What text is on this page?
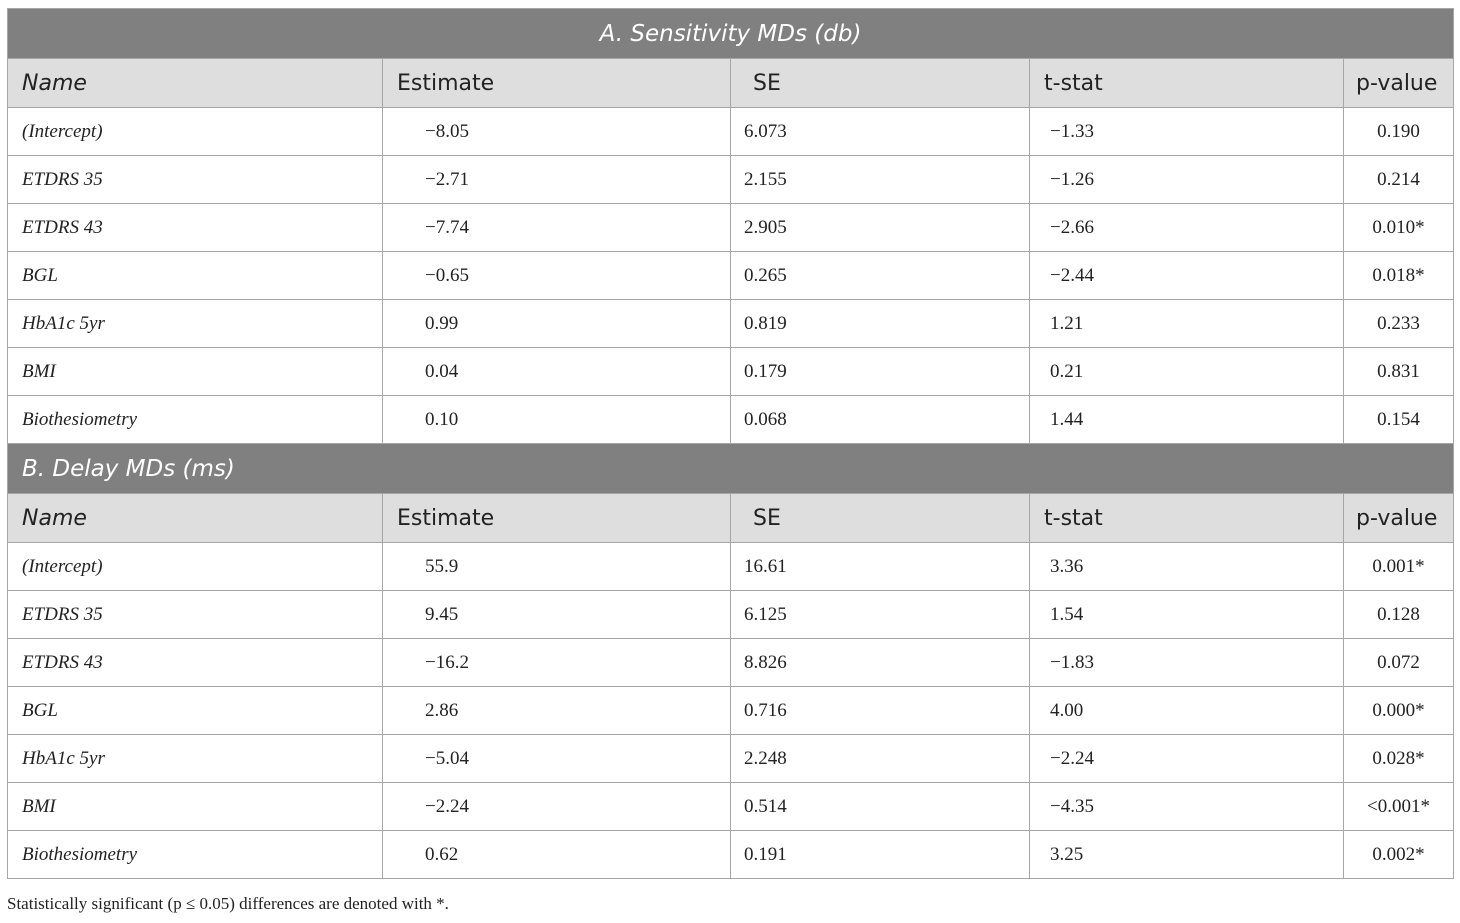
A. Sensitivity MDs (db)				
Name	Estimate	SE	t-stat	p-value
(Intercept)	−8.05	6.073	−1.33	0.190
ETDRS 35	−2.71	2.155	−1.26	0.214
ETDRS 43	−7.74	2.905	−2.66	0.010*
BGL	−0.65	0.265	−2.44	0.018*
HbA1c 5yr	0.99	0.819	1.21	0.233
BMI	0.04	0.179	0.21	0.831
Biothesiometry	0.10	0.068	1.44	0.154
B. Delay MDs (ms)				
Name	Estimate	SE	t-stat	p-value
(Intercept)	55.9	16.61	3.36	0.001*
ETDRS 35	9.45	6.125	1.54	0.128
ETDRS 43	−16.2	8.826	−1.83	0.072
BGL	2.86	0.716	4.00	0.000*
HbA1c 5yr	−5.04	2.248	−2.24	0.028*
BMI	−2.24	0.514	−4.35	<0.001*
Biothesiometry	0.62	0.191	3.25	0.002*
Statistically significant (p ≤ 0.05) differences are denoted with *.
